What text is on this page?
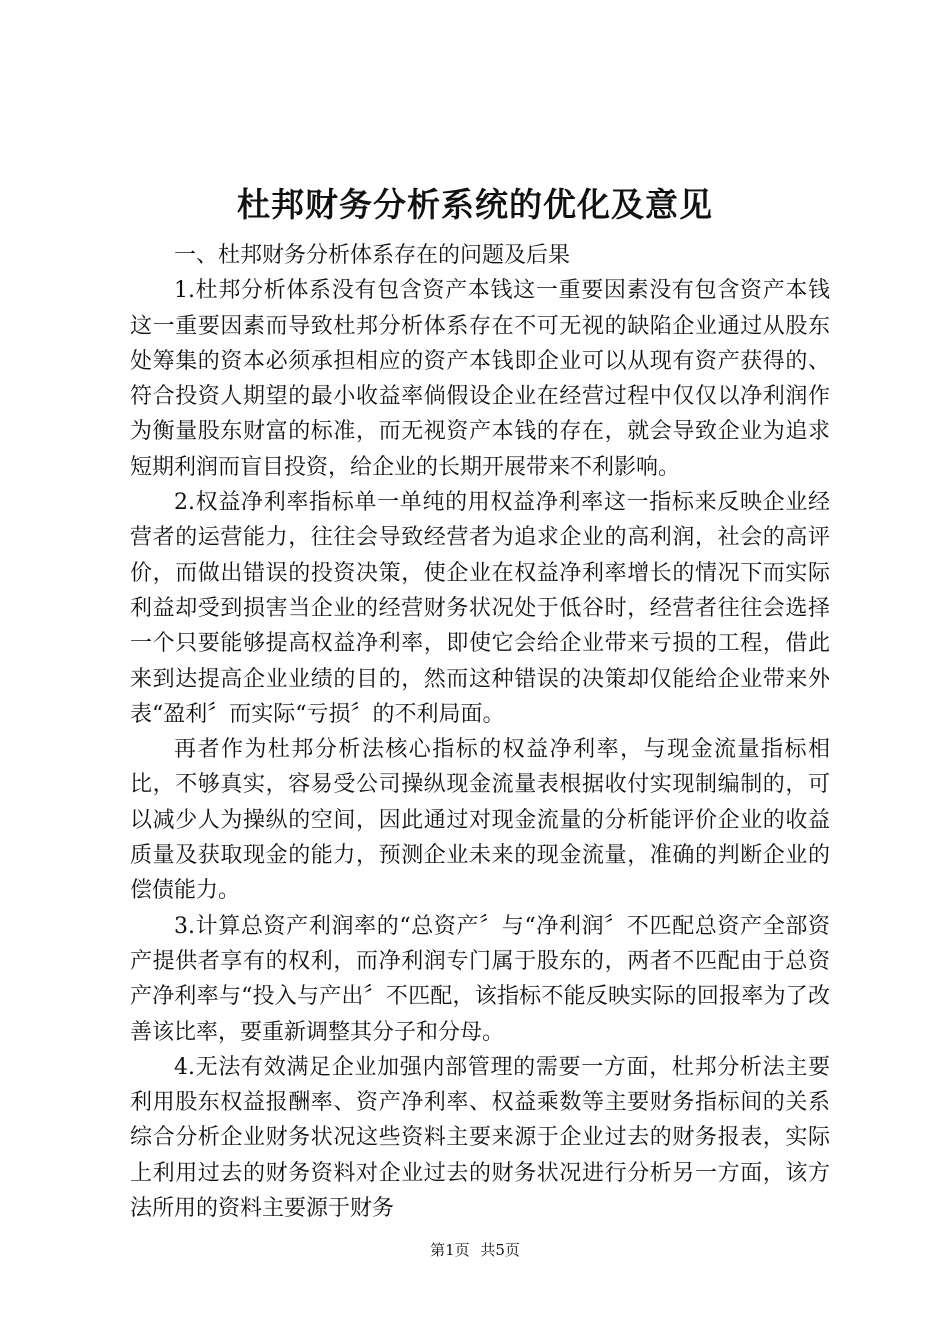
杜邦财务分析系统的优化及意见

一、杜邦财务分析体系存在的问题及后果

1.杜邦分析体系没有包含资产本钱这一重要因素没有包含资产本钱这一重要因素而导致杜邦分析体系存在不可无视的缺陷企业通过从股东处筹集的资本必须承担相应的资产本钱即企业可以从现有资产获得的、符合投资人期望的最小收益率倘假设企业在经营过程中仅仅以净利润作为衡量股东财富的标准，而无视资产本钱的存在，就会导致企业为追求短期利润而盲目投资，给企业的长期开展带来不利影响。

2.权益净利率指标单一单纯的用权益净利率这一指标来反映企业经营者的运营能力，往往会导致经营者为追求企业的高利润，社会的高评价，而做出错误的投资决策，使企业在权益净利率增长的情况下而实际利益却受到损害当企业的经营财务状况处于低谷时，经营者往往会选择一个只要能够提高权益净利率，即使它会给企业带来亏损的工程，借此来到达提高企业业绩的目的，然而这种错误的决策却仅能给企业带来外表“盈利〞而实际“亏损〞的不利局面。

再者作为杜邦分析法核心指标的权益净利率，与现金流量指标相比，不够真实，容易受公司操纵现金流量表根据收付实现制编制的，可以减少人为操纵的空间，因此通过对现金流量的分析能评价企业的收益质量及获取现金的能力，预测企业未来的现金流量，准确的判断企业的偿债能力。

3.计算总资产利润率的“总资产〞与“净利润〞不匹配总资产全部资产提供者享有的权利，而净利润专门属于股东的，两者不匹配由于总资产净利率与“投入与产出〞不匹配，该指标不能反映实际的回报率为了改善该比率，要重新调整其分子和分母。

4.无法有效满足企业加强内部管理的需要一方面，杜邦分析法主要利用股东权益报酬率、资产净利率、权益乘数等主要财务指标间的关系综合分析企业财务状况这些资料主要来源于企业过去的财务报表，实际上利用过去的财务资料对企业过去的财务状况进行分析另一方面，该方法所用的资料主要源于财务

第1页 共5页
